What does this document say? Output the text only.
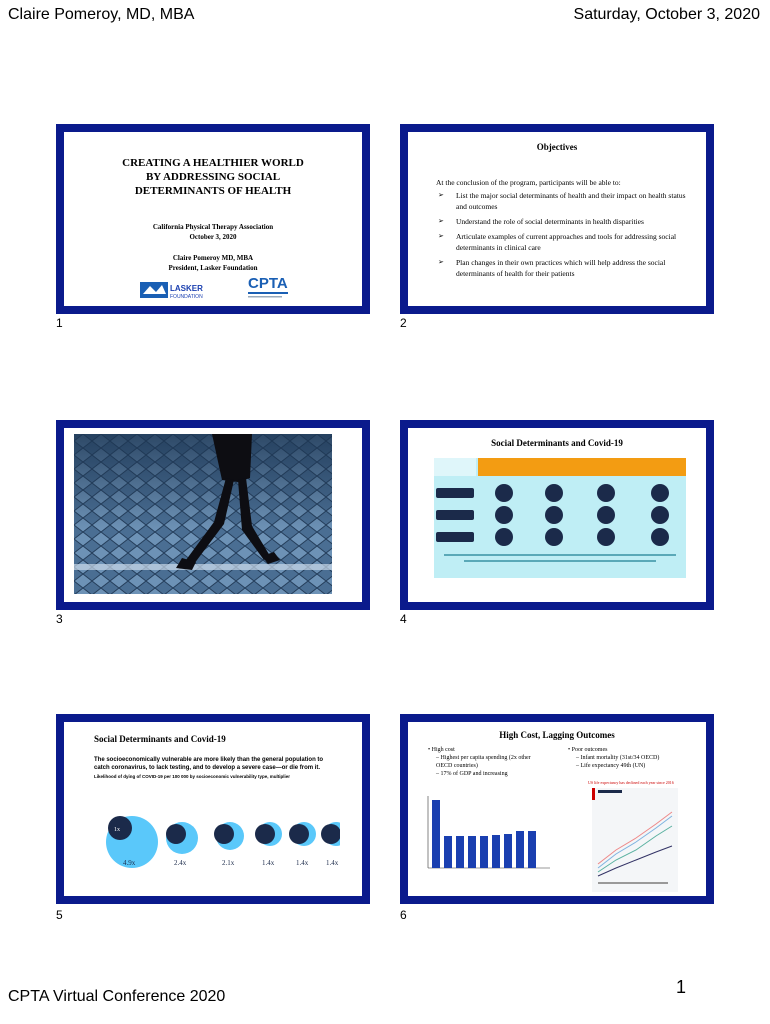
Claire Pomeroy, MD, MBA	Saturday, October 3, 2020
CREATING A HEALTHIER WORLD
BY ADDRESSING SOCIAL
DETERMINANTS OF HEALTH
California Physical Therapy Association
October 3, 2020
Claire Pomeroy MD, MBA
President, Lasker Foundation
LASKER
FOUNDATION
CPTA
1
Objectives
At the conclusion of the program, participants will be able to:
➢ List the major social determinants of health and their impact on health status and outcomes
➢ Understand the role of social determinants in health disparities
➢ Articulate examples of current approaches and tools for addressing social determinants in clinical care
➢ Plan changes in their own practices which will help address the social determinants of health for their patients
2
3
Social Determinants and Covid-19
4
Social Determinants and Covid-19
The socioeconomically vulnerable are more likely than the general population to catch coronavirus, to lack testing, and to develop a severe case—or die from it.
Likelihood of dying of COVID-19 per 100 000 by socioeconomic vulnerability type, multiplier
1x
4.9x	2.4x	2.1x	1.4x	1.4x	1.4x
5
High Cost, Lagging Outcomes
• High cost
– Highest per capita spending (2x other OECD countries)
– 17% of GDP and increasing
• Poor outcomes
– Infant mortality (31st/34 OECD)
– Life expectancy 49th (UN)
US life expectancy has declined each year since 2016
6
CPTA Virtual Conference 2020	1
